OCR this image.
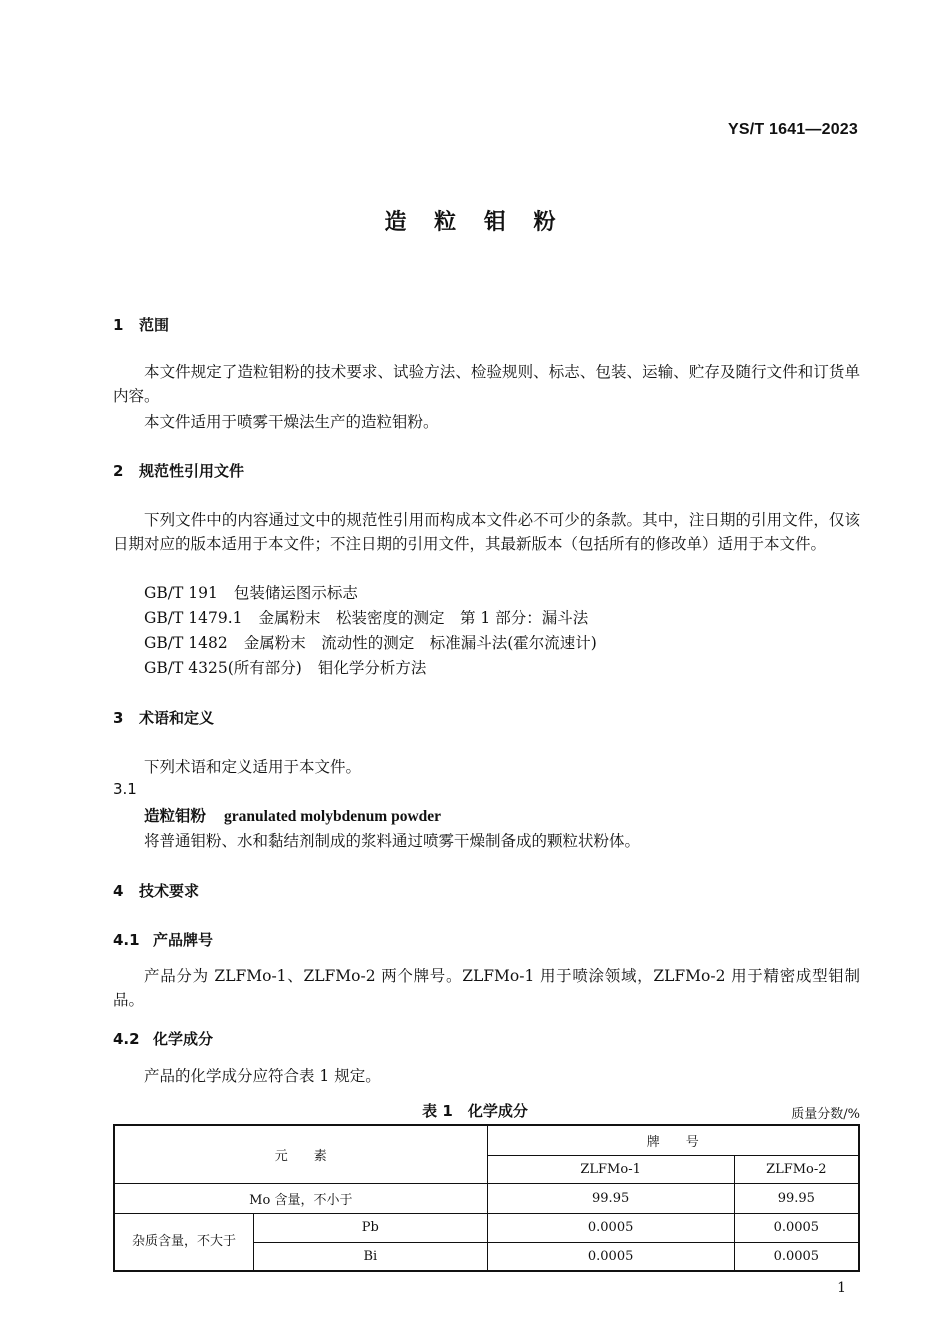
YS/T 1641—2023
造 粒 钼 粉
1 范围
本文件规定了造粒钼粉的技术要求、试验方法、检验规则、标志、包装、运输、贮存及随行文件和订货单内容。
本文件适用于喷雾干燥法生产的造粒钼粉。
2 规范性引用文件
下列文件中的内容通过文中的规范性引用而构成本文件必不可少的条款。其中，注日期的引用文件，仅该日期对应的版本适用于本文件；不注日期的引用文件，其最新版本（包括所有的修改单）适用于本文件。
GB/T 191 包装储运图示标志
GB/T 1479.1 金属粉末　松装密度的测定　第 1 部分：漏斗法
GB/T 1482 金属粉末　流动性的测定　标准漏斗法(霍尔流速计)
GB/T 4325(所有部分) 钼化学分析方法
3 术语和定义
下列术语和定义适用于本文件。
3.1
造粒钼粉 granulated molybdenum powder
将普通钼粉、水和黏结剂制成的浆料通过喷雾干燥制备成的颗粒状粉体。
4 技术要求
4.1 产品牌号
产品分为 ZLFMo-1、ZLFMo-2 两个牌号。ZLFMo-1 用于喷涂领域，ZLFMo-2 用于精密成型钼制品。
4.2 化学成分
产品的化学成分应符合表 1 规定。
表 1　化学成分	质量分数/%
元　　素		牌　　号	
		ZLFMo-1	ZLFMo-2
Mo 含量，不小于		99.95	99.95
杂质含量，不大于	Pb	0.0005	0.0005
	Bi	0.0005	0.0005
1
